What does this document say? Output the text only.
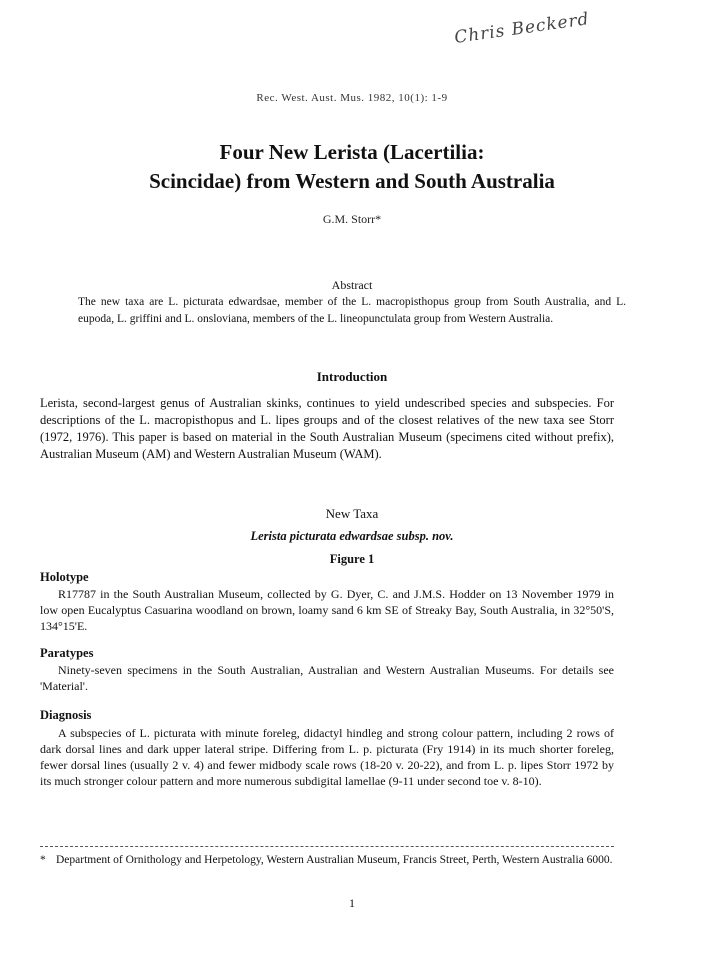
Chris Beckerd
Rec. West. Aust. Mus. 1982, 10(1): 1-9
Four New Lerista (Lacertilia:
Scincidae) from Western and South Australia
G.M. Storr*
Abstract
The new taxa are L. picturata edwardsae, member of the L. macropisthopus group from South Australia, and L. eupoda, L. griffini and L. onsloviana, members of the L. lineopunctulata group from Western Australia.
Introduction
Lerista, second-largest genus of Australian skinks, continues to yield undescribed species and subspecies. For descriptions of the L. macropisthopus and L. lipes groups and of the closest relatives of the new taxa see Storr (1972, 1976). This paper is based on material in the South Australian Museum (specimens cited without prefix), Australian Museum (AM) and Western Australian Museum (WAM).
New Taxa
Lerista picturata edwardsae subsp. nov.
Figure 1
Holotype
R17787 in the South Australian Museum, collected by G. Dyer, C. and J.M.S. Hodder on 13 November 1979 in low open Eucalyptus Casuarina woodland on brown, loamy sand 6 km SE of Streaky Bay, South Australia, in 32°50'S, 134°15'E.
Paratypes
Ninety-seven specimens in the South Australian, Australian and Western Australian Museums. For details see 'Material'.
Diagnosis
A subspecies of L. picturata with minute foreleg, didactyl hindleg and strong colour pattern, including 2 rows of dark dorsal lines and dark upper lateral stripe. Differing from L. p. picturata (Fry 1914) in its much shorter foreleg, fewer dorsal lines (usually 2 v. 4) and fewer midbody scale rows (18-20 v. 20-22), and from L. p. lipes Storr 1972 by its much stronger colour pattern and more numerous subdigital lamellae (9-11 under second toe v. 8-10).
* Department of Ornithology and Herpetology, Western Australian Museum, Francis Street, Perth, Western Australia 6000.
1
